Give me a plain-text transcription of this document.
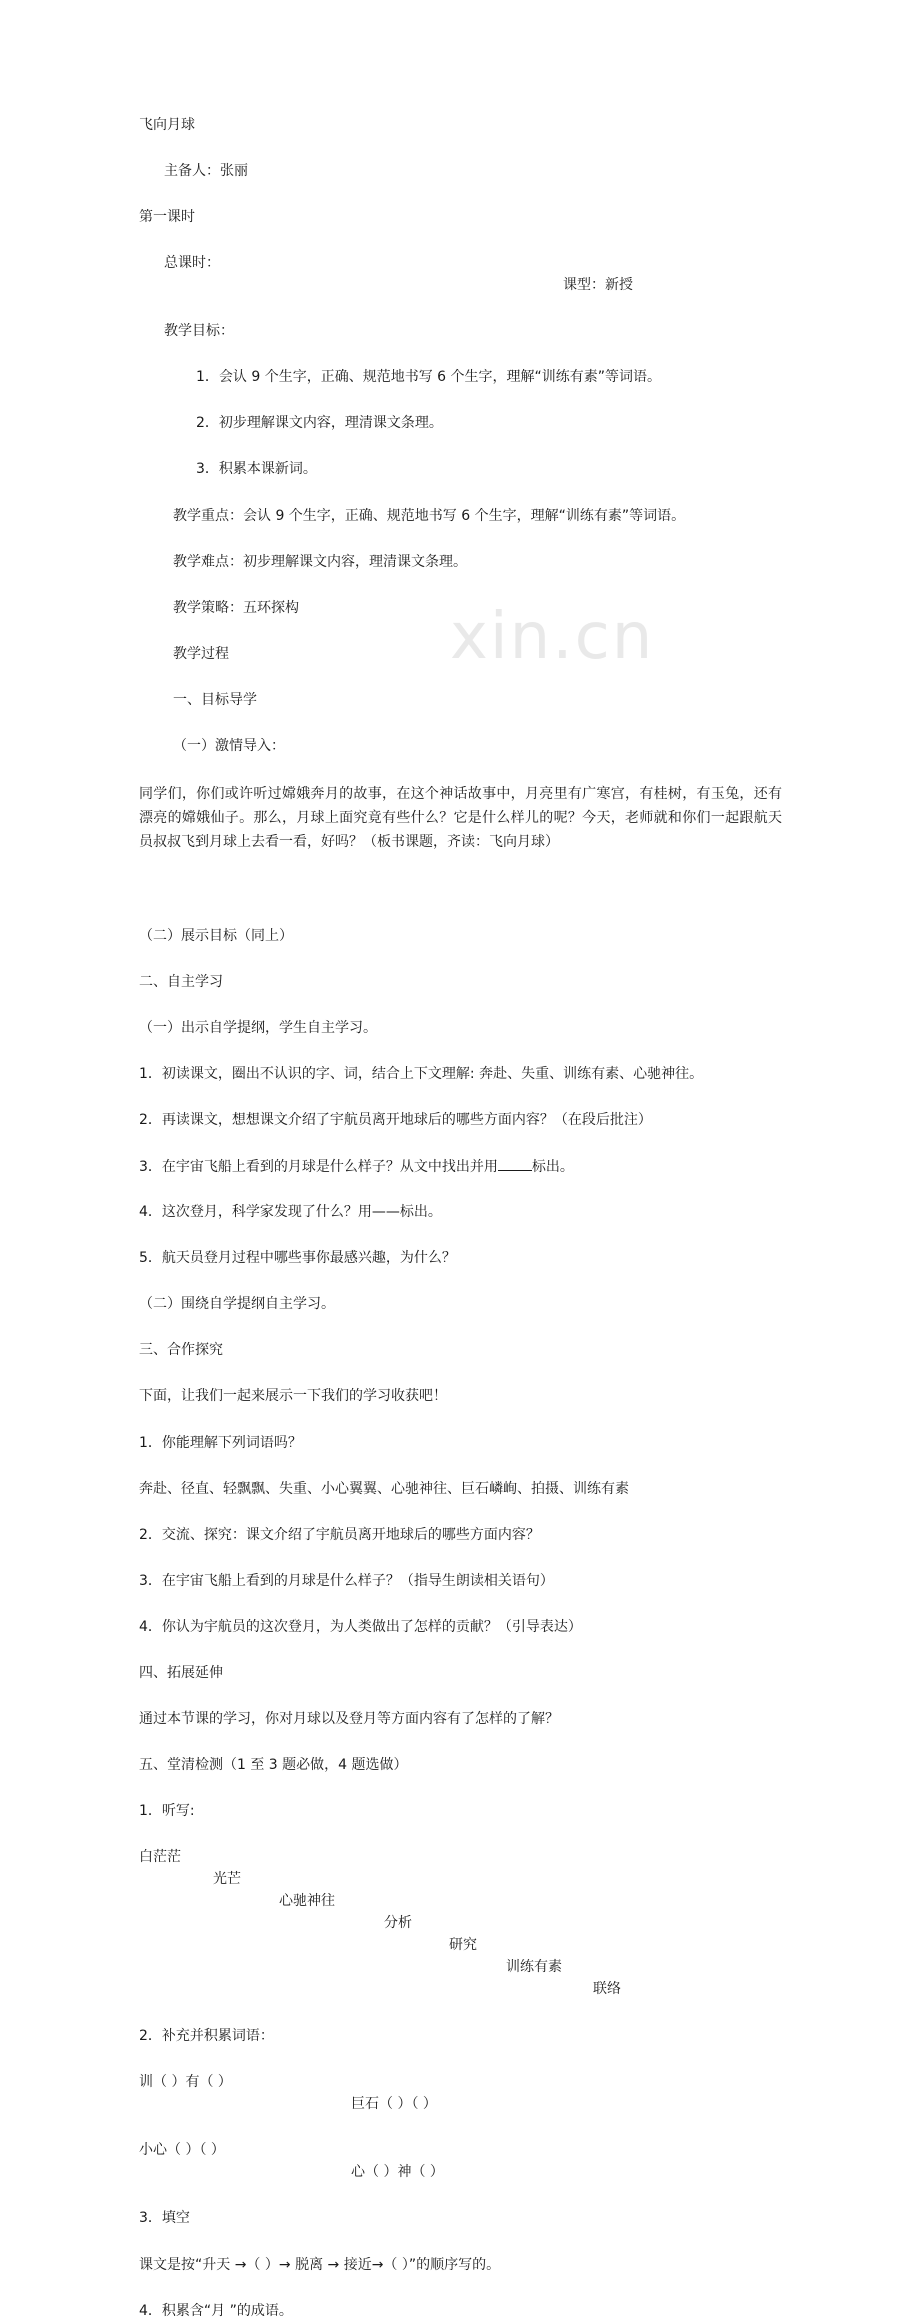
xin.cn
飞向月球
主备人：张丽
第一课时
总课时：
课型：新授
教学目标：
1．会认 9 个生字，正确、规范地书写 6 个生字，理解“训练有素”等词语。
2．初步理解课文内容，理清课文条理。
3．积累本课新词。
教学重点：会认 9 个生字，正确、规范地书写 6 个生字，理解“训练有素”等词语。
教学难点：初步理解课文内容，理清课文条理。
教学策略：五环探构
教学过程
一、目标导学
（一）激情导入：
同学们，你们或许听过嫦娥奔月的故事，在这个神话故事中，月亮里有广寒宫，有桂树，有玉兔，还有漂亮的嫦娥仙子。那么，月球上面究竟有些什么？它是什么样儿的呢？今天，老师就和你们一起跟航天员叔叔飞到月球上去看一看，好吗？（板书课题，齐读：飞向月球）
（二）展示目标（同上）
二、自主学习
（一）出示自学提纲，学生自主学习。
1．初读课文，圈出不认识的字、词，结合上下文理解: 奔赴、失重、训练有素、心驰神往。
2．再读课文，想想课文介绍了宇航员离开地球后的哪些方面内容？（在段后批注）
3．在宇宙飞船上看到的月球是什么样子？从文中找出并用 标出。
4．这次登月，科学家发现了什么？用——标出。
5．航天员登月过程中哪些事你最感兴趣，为什么？
（二）围绕自学提纲自主学习。
三、合作探究
下面，让我们一起来展示一下我们的学习收获吧！
1．你能理解下列词语吗？
奔赴、径直、轻飘飘、失重、小心翼翼、心驰神往、巨石嶙峋、拍摄、训练有素
2．交流、探究：课文介绍了宇航员离开地球后的哪些方面内容？
3．在宇宙飞船上看到的月球是什么样子？（指导生朗读相关语句）
4．你认为宇航员的这次登月，为人类做出了怎样的贡献？（引导表达）
四、拓展延伸
通过本节课的学习，你对月球以及登月等方面内容有了怎样的了解？
五、堂清检测（1 至 3 题必做，4 题选做）
1．听写:
白茫茫
光芒
心驰神往
分析
研究
训练有素
联络
2．补充并积累词语：
训（ ）有（ ）
巨石（ ）（ ）
小心（ ）（ ）
心（ ）神（ ）
3．填空
课文是按“升天 →（ ）→ 脱离 → 接近→（ ）”的顺序写的。
4．积累含“月 ”的成语。
